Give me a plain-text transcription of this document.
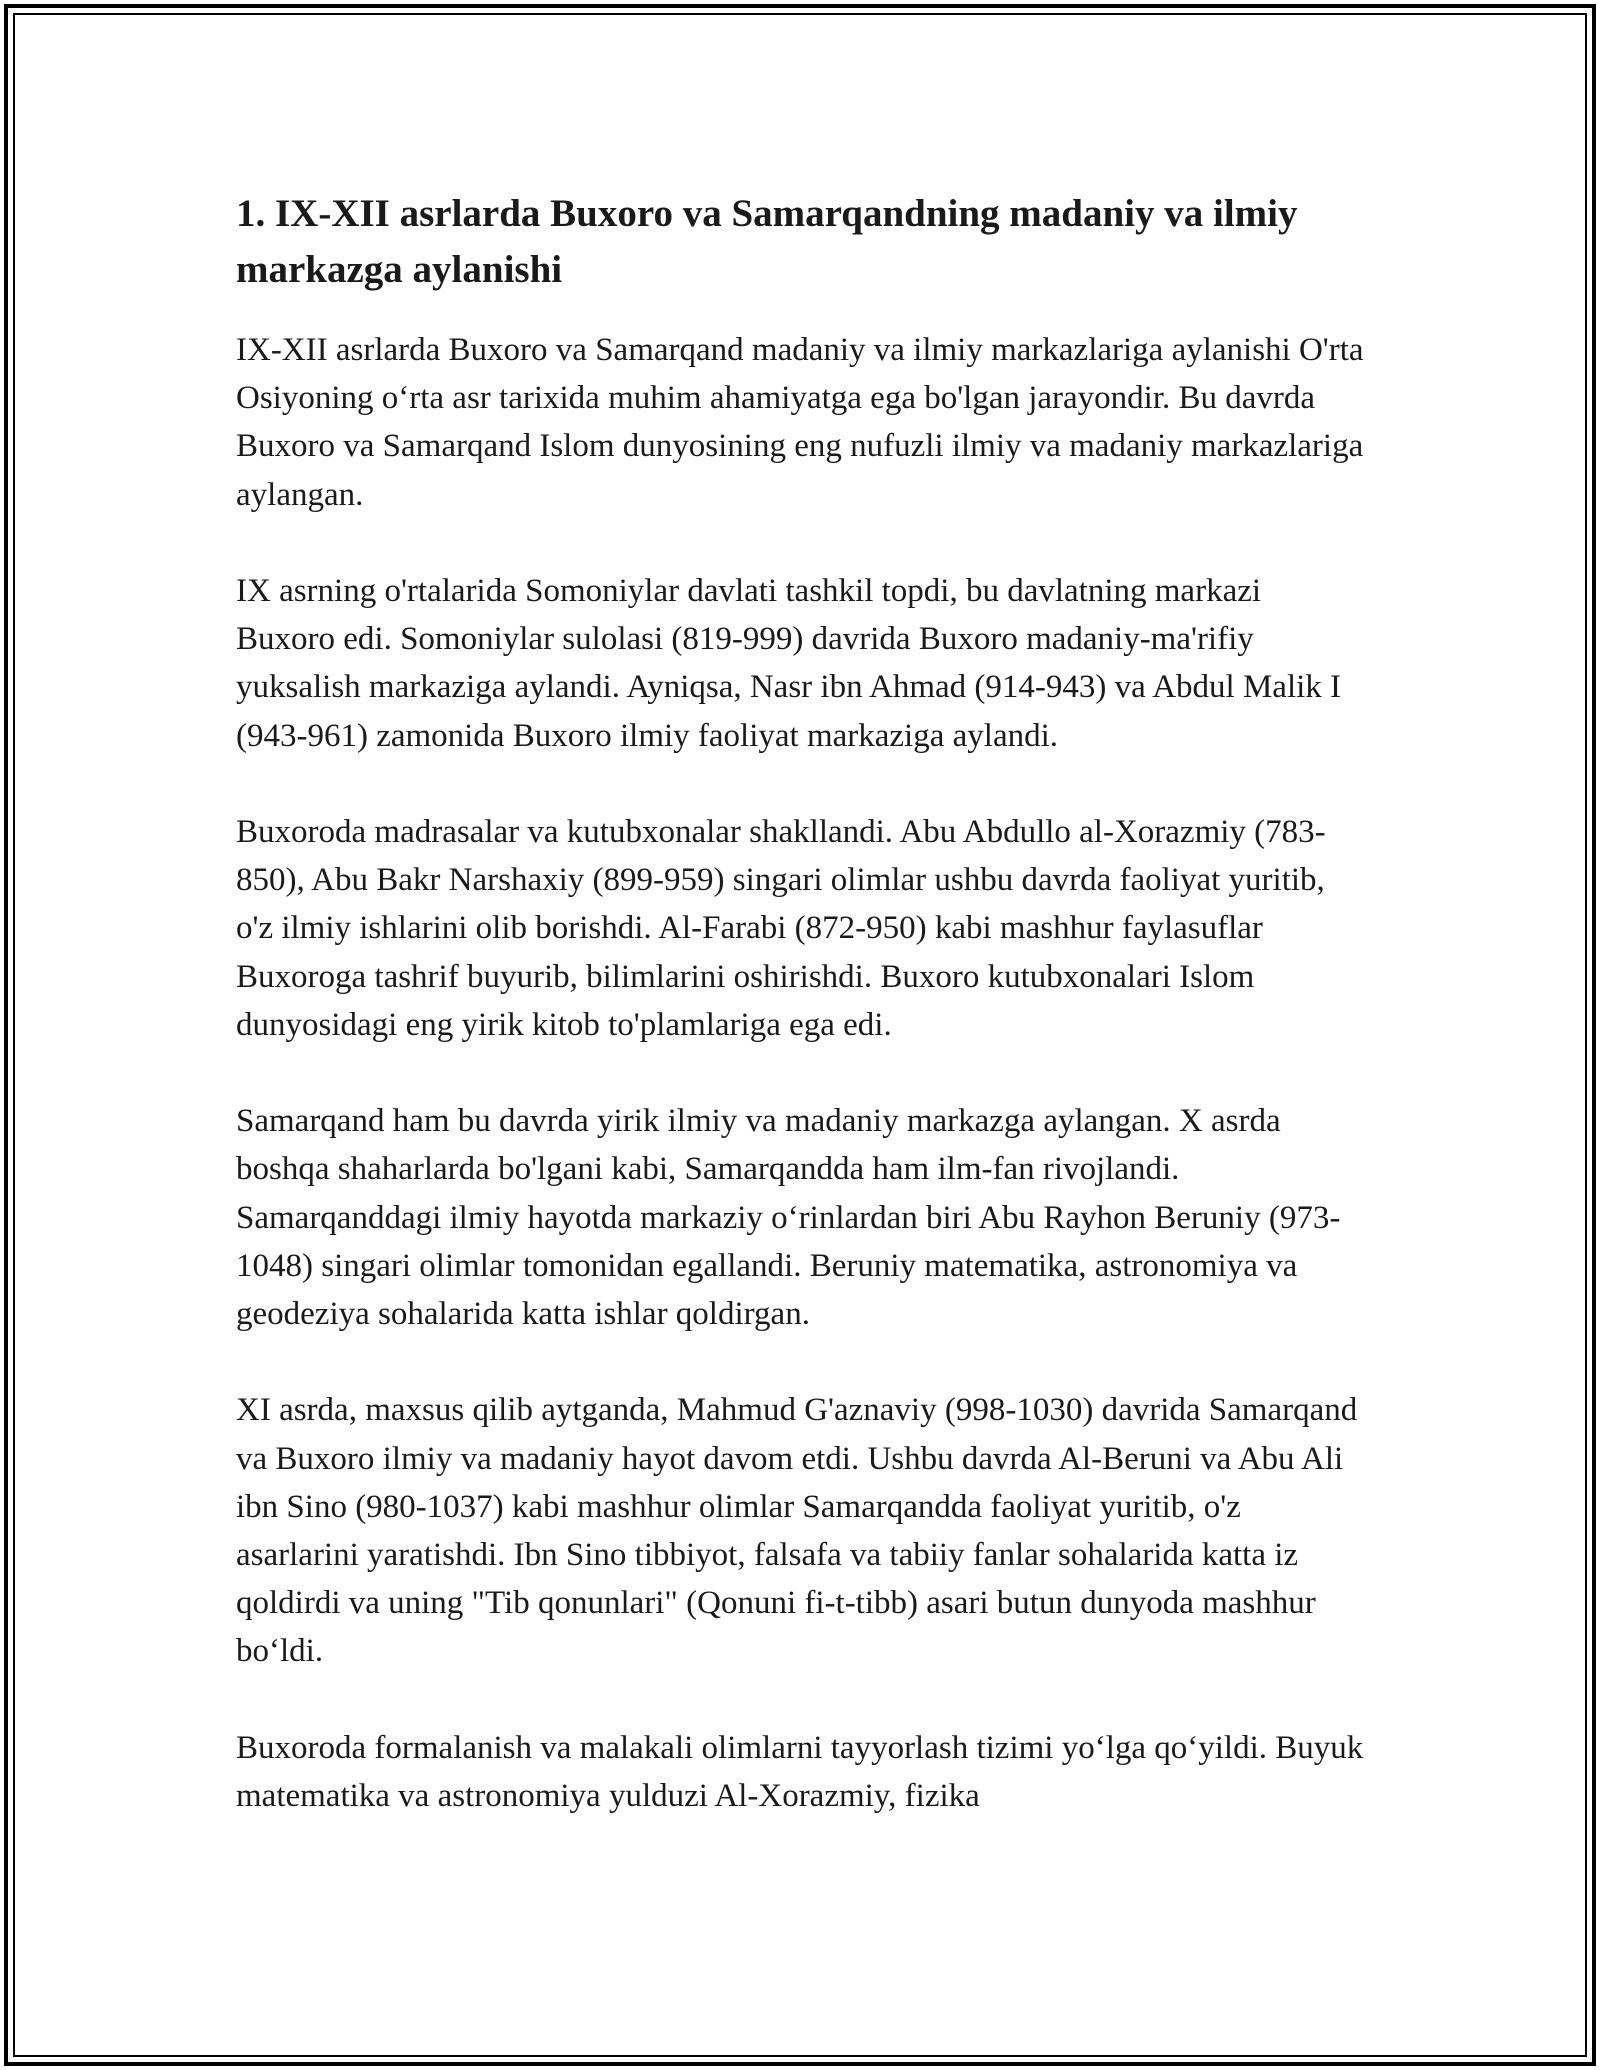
1. IX-XII asrlarda Buxoro va Samarqandning madaniy va ilmiy markazga aylanishi

IX-XII asrlarda Buxoro va Samarqand madaniy va ilmiy markazlariga aylanishi O'rta Osiyoning o‘rta asr tarixida muhim ahamiyatga ega bo'lgan jarayondir. Bu davrda Buxoro va Samarqand Islom dunyosining eng nufuzli ilmiy va madaniy markazlariga aylangan.

IX asrning o'rtalarida Somoniylar davlati tashkil topdi, bu davlatning markazi Buxoro edi. Somoniylar sulolasi (819-999) davrida Buxoro madaniy-ma'rifiy yuksalish markaziga aylandi. Ayniqsa, Nasr ibn Ahmad (914-943) va Abdul Malik I (943-961) zamonida Buxoro ilmiy faoliyat markaziga aylandi.

Buxoroda madrasalar va kutubxonalar shakllandi. Abu Abdullo al-Xorazmiy (783-850), Abu Bakr Narshaxiy (899-959) singari olimlar ushbu davrda faoliyat yuritib, o'z ilmiy ishlarini olib borishdi. Al-Farabi (872-950) kabi mashhur faylasuflar Buxoroga tashrif buyurib, bilimlarini oshirishdi. Buxoro kutubxonalari Islom dunyosidagi eng yirik kitob to'plamlariga ega edi.

Samarqand ham bu davrda yirik ilmiy va madaniy markazga aylangan. X asrda boshqa shaharlarda bo'lgani kabi, Samarqandda ham ilm-fan rivojlandi. Samarqanddagi ilmiy hayotda markaziy o‘rinlardan biri Abu Rayhon Beruniy (973-1048) singari olimlar tomonidan egallandi. Beruniy matematika, astronomiya va geodeziya sohalarida katta ishlar qoldirgan.

XI asrda, maxsus qilib aytganda, Mahmud G'aznaviy (998-1030) davrida Samarqand va Buxoro ilmiy va madaniy hayot davom etdi. Ushbu davrda Al-Beruni va Abu Ali ibn Sino (980-1037) kabi mashhur olimlar Samarqandda faoliyat yuritib, o'z asarlarini yaratishdi. Ibn Sino tibbiyot, falsafa va tabiiy fanlar sohalarida katta iz qoldirdi va uning "Tib qonunlari" (Qonuni fi-t-tibb) asari butun dunyoda mashhur bo‘ldi.

Buxoroda formalanish va malakali olimlarni tayyorlash tizimi yo‘lga qo‘yildi. Buyuk matematika va astronomiya yulduzi Al-Xorazmiy, fizika
